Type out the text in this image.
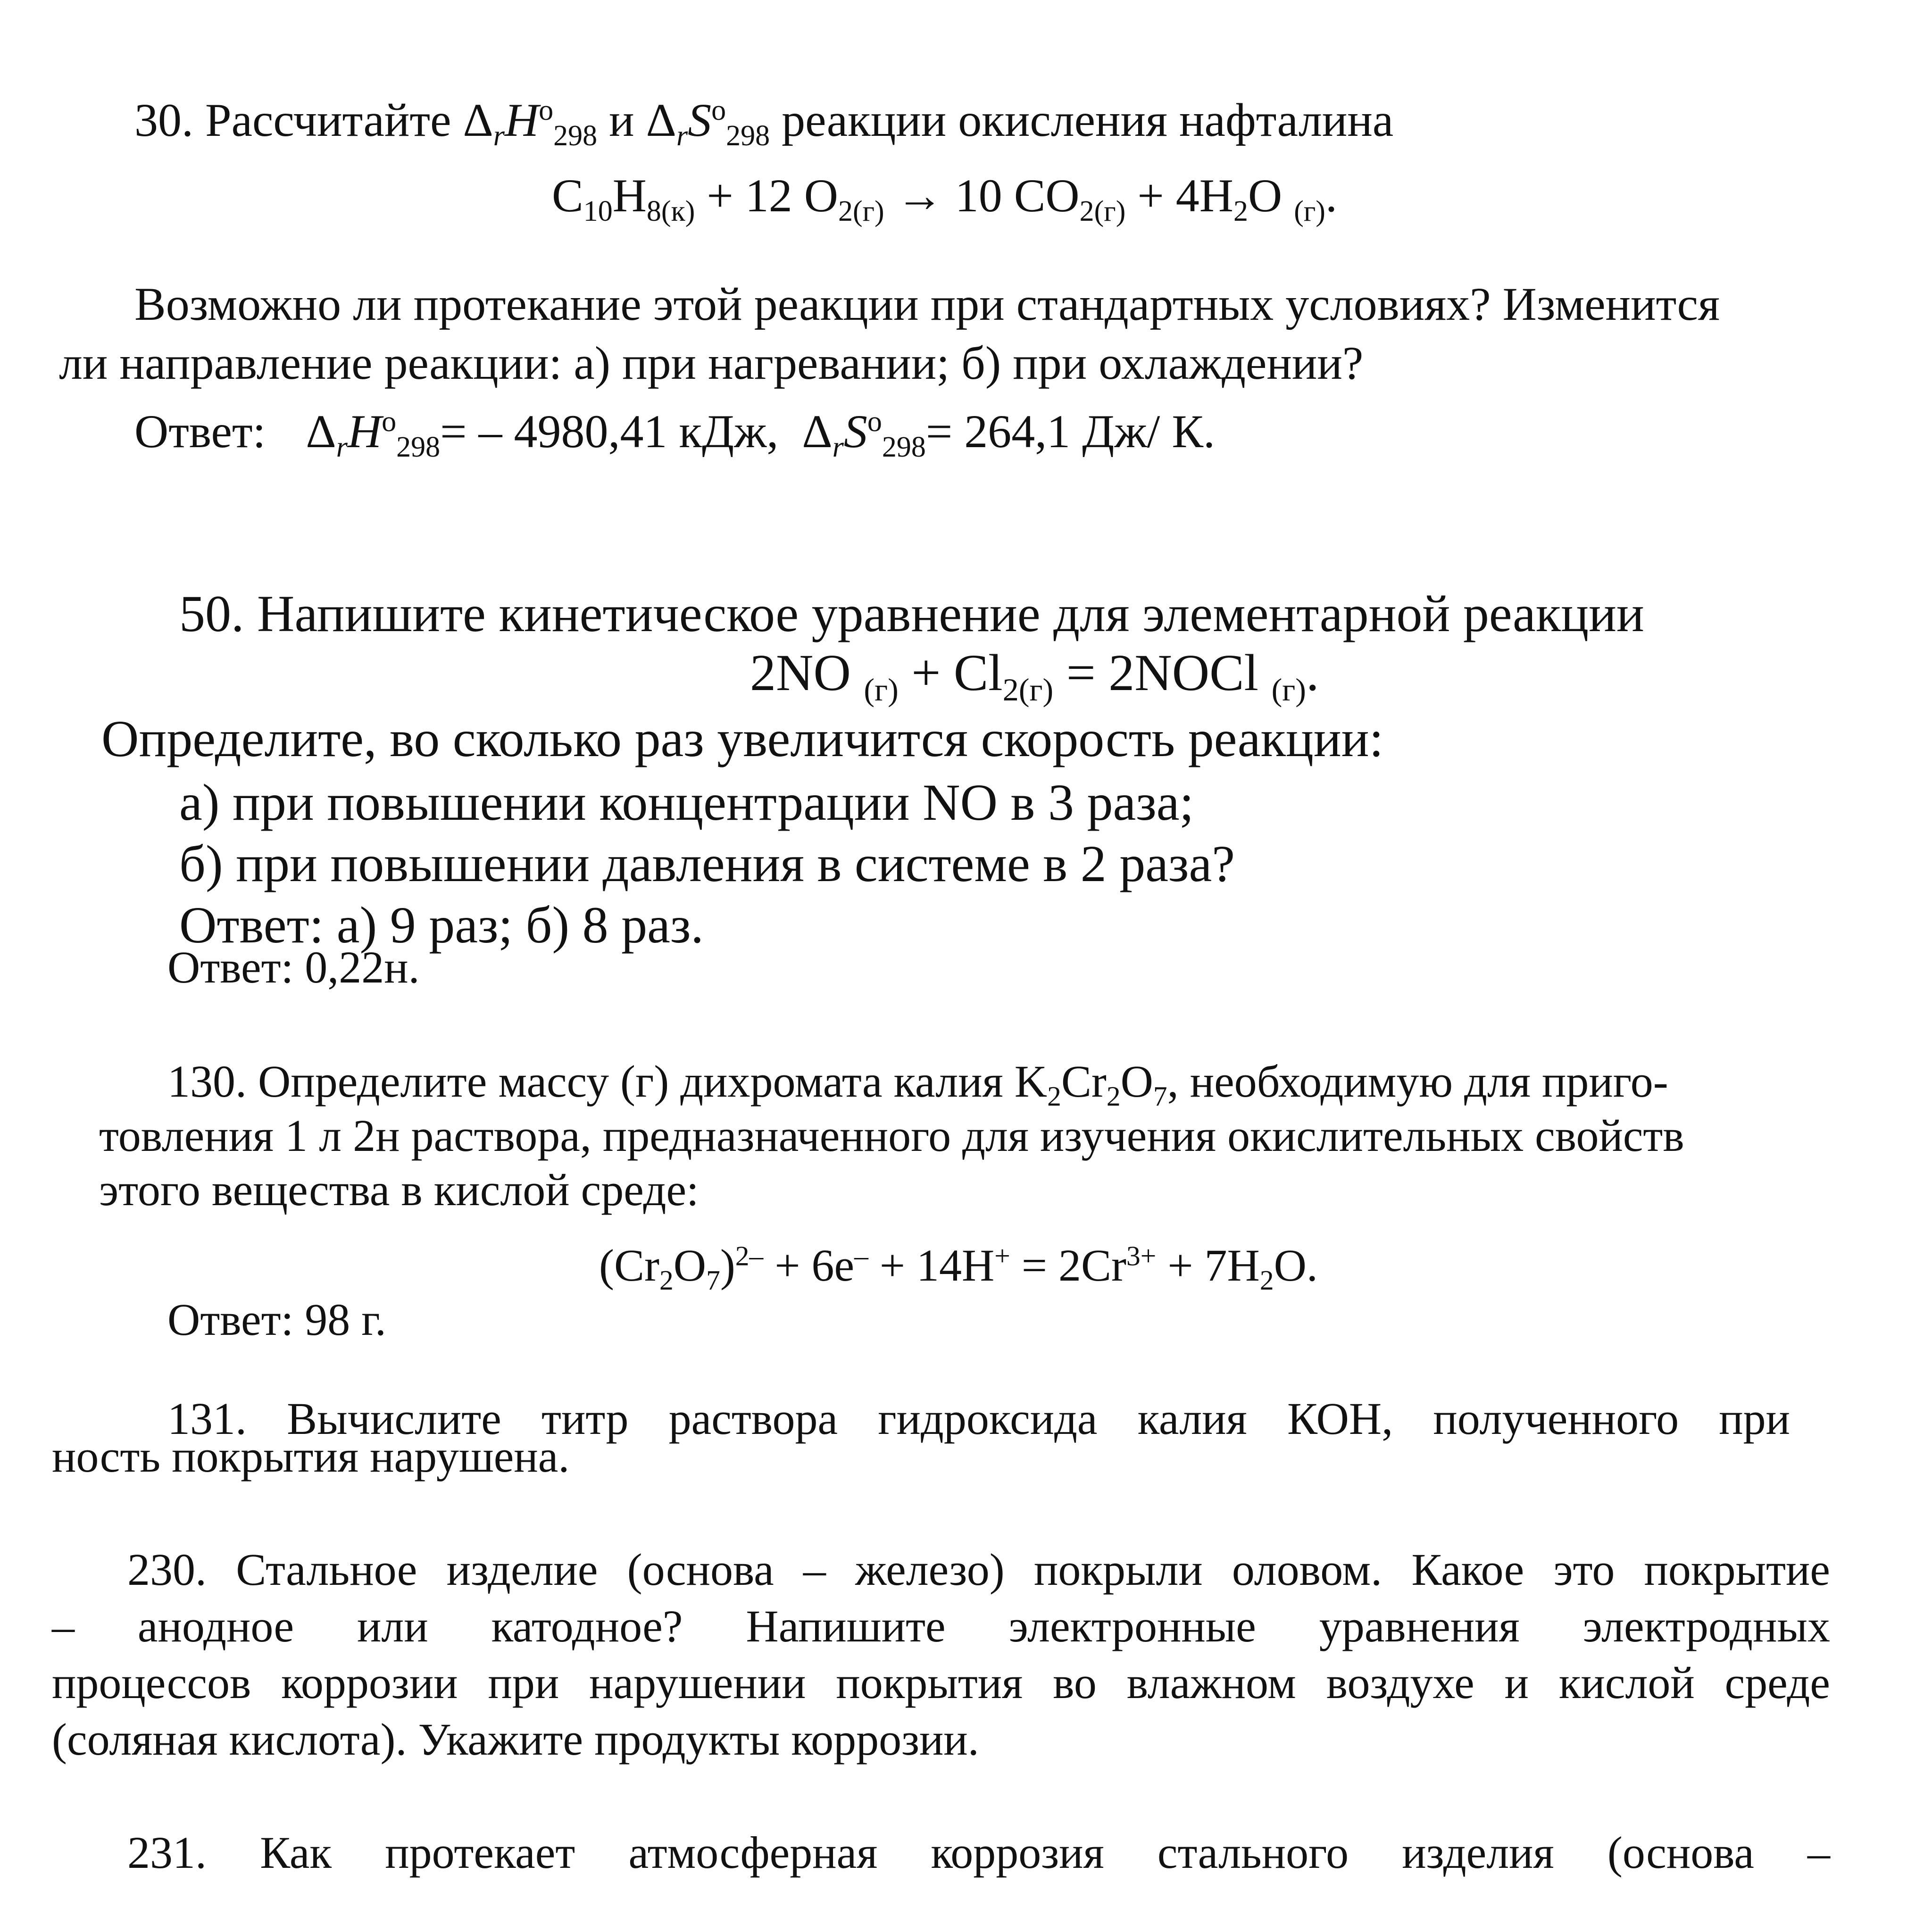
30. Рассчитайте $\Delta_rH^o_{298}$ и $\Delta_rS^o_{298}$ реакции окисления нафталина
$C_{10}H_{8(к)} + 12$ $O_{2(г)} \to 10$ $CO_{2(г)} + 4H_2O$ $_{(г)}$.
Возможно ли протекание этой реакции при стандартных условиях? Изменится
ли направление реакции: а) при нагревании; б) при охлаждении?
Ответ: $\Delta_rH^o_{298}= - 4980,41$ кДж, $\Delta_rS^o_{298}= 264,1$ Дж/ К.
50. Напишите кинетическое уравнение для элементарной реакции
2NO $_{(г)} + Cl_{2(г)}$ = 2NOCl $_{(г)}$.
Определите, во сколько раз увеличится скорость реакции:
а) при повышении концентрации NO в 3 раза;
б) при повышении давления в системе в 2 раза?
Ответ: а) 9 раз; б) 8 раз.
Ответ: 0,22н.
130. Определите массу (г) дихромата калия $K_2Cr_2O_7$, необходимую для приго-
товления 1 л 2н раствора, предназначенного для изучения окислительных свойств
этого вещества в кислой среде:
$(Cr_2O_7)^{2-} + 6e^- + 14H^+ = 2Cr^{3+} + 7H_2O$.
Ответ: 98 г.
131. Вычислите титр раствора гидроксида калия КОН, полученного при
ность покрытия нарушена.
230. Стальное изделие (основа – железо) покрыли оловом. Какое это покрытие
– анодное или катодное? Напишите электронные уравнения электродных
процессов коррозии при нарушении покрытия во влажном воздухе и кислой среде
(соляная кислота). Укажите продукты коррозии.
231. Как протекает атмосферная коррозия стального изделия (основа –
